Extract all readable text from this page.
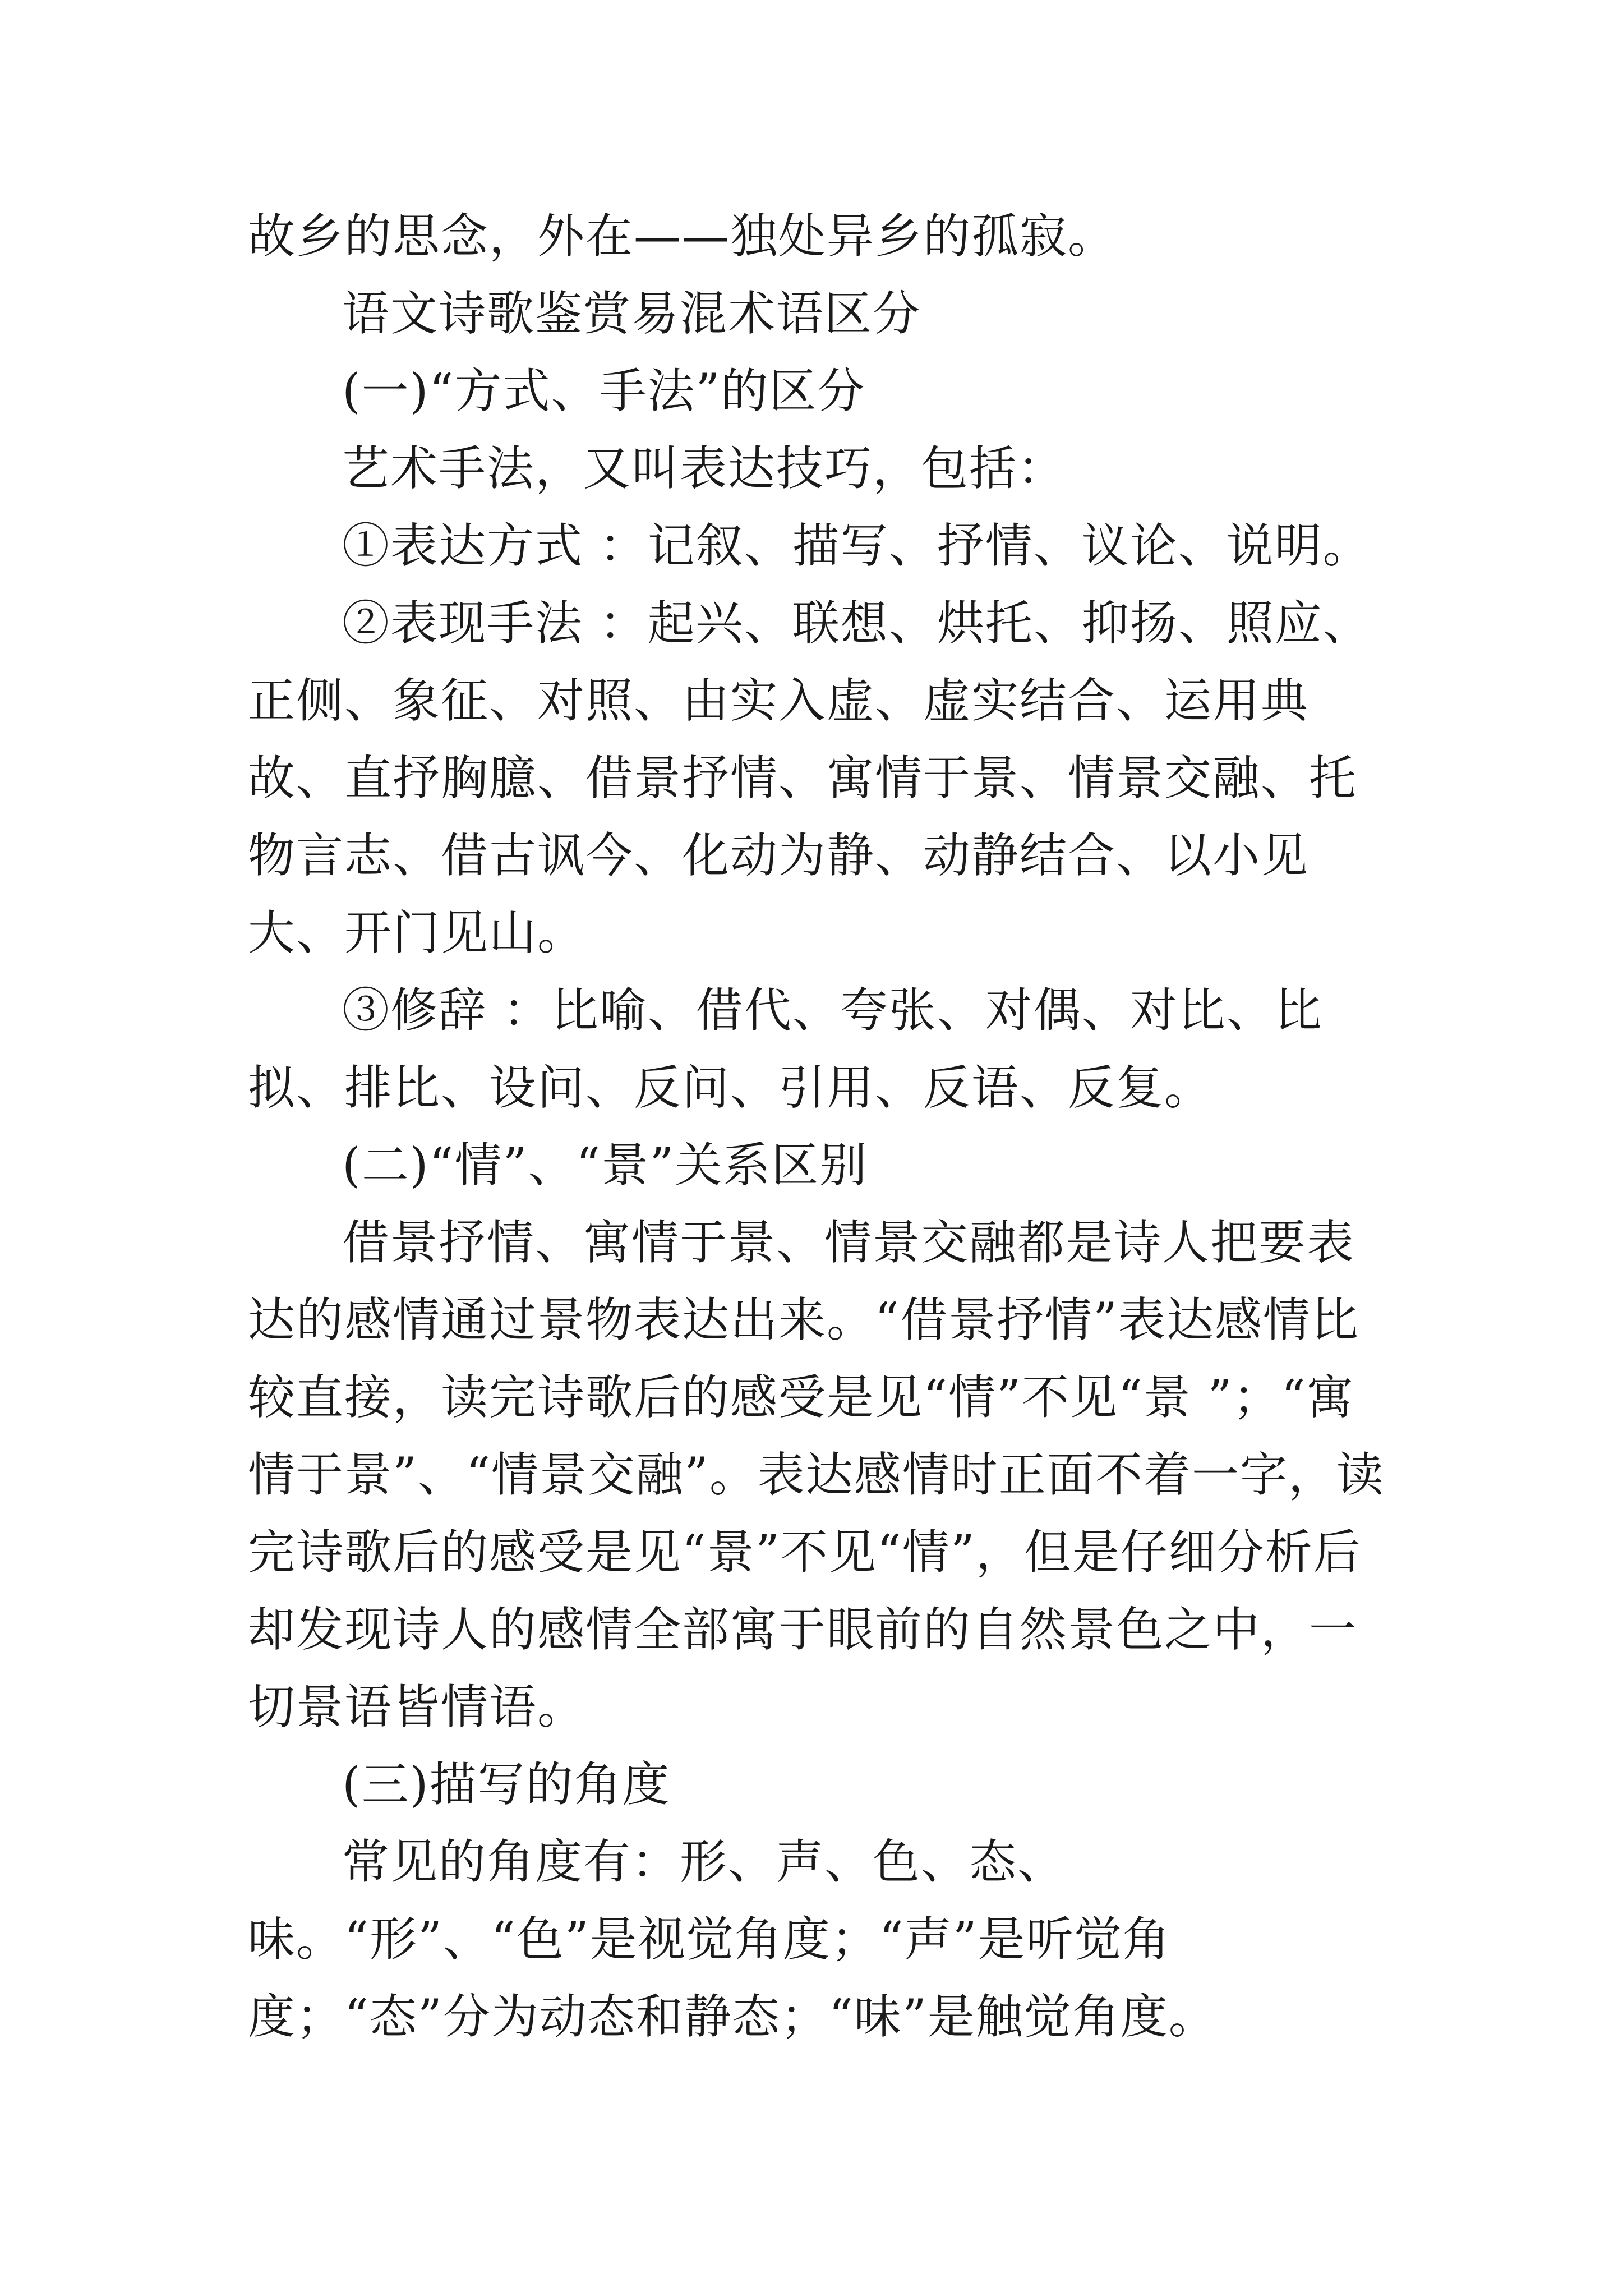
故乡的思念，外在——独处异乡的孤寂。

语文诗歌鉴赏易混术语区分

(一)“方式、手法”的区分

艺术手法，又叫表达技巧，包括：

①表达方式 ：记叙、描写、抒情、议论、说明。

②表现手法 ：起兴、联想、烘托、抑扬、照应、正侧、象征、对照、由实入虚、虚实结合、运用典故、直抒胸臆、借景抒情、寓情于景、情景交融、托物言志、借古讽今、化动为静、动静结合、以小见大、开门见山。

③修辞 ：比喻、借代、夸张、对偶、对比、比拟、排比、设问、反问、引用、反语、反复。

(二)“情”、“景”关系区别

借景抒情、寓情于景、情景交融都是诗人把要表达的感情通过景物表达出来。“借景抒情”表达感情比较直接，读完诗歌后的感受是见“情”不见“景 ”；“寓情于景”、“情景交融”。表达感情时正面不着一字，读完诗歌后的感受是见“景”不见“情”，但是仔细分析后却发现诗人的感情全部寓于眼前的自然景色之中，一切景语皆情语。

(三)描写的角度

常见的角度有：形、声、色、态、味。“形”、“色”是视觉角度；“声”是听觉角度；“态”分为动态和静态；“味”是触觉角度。
